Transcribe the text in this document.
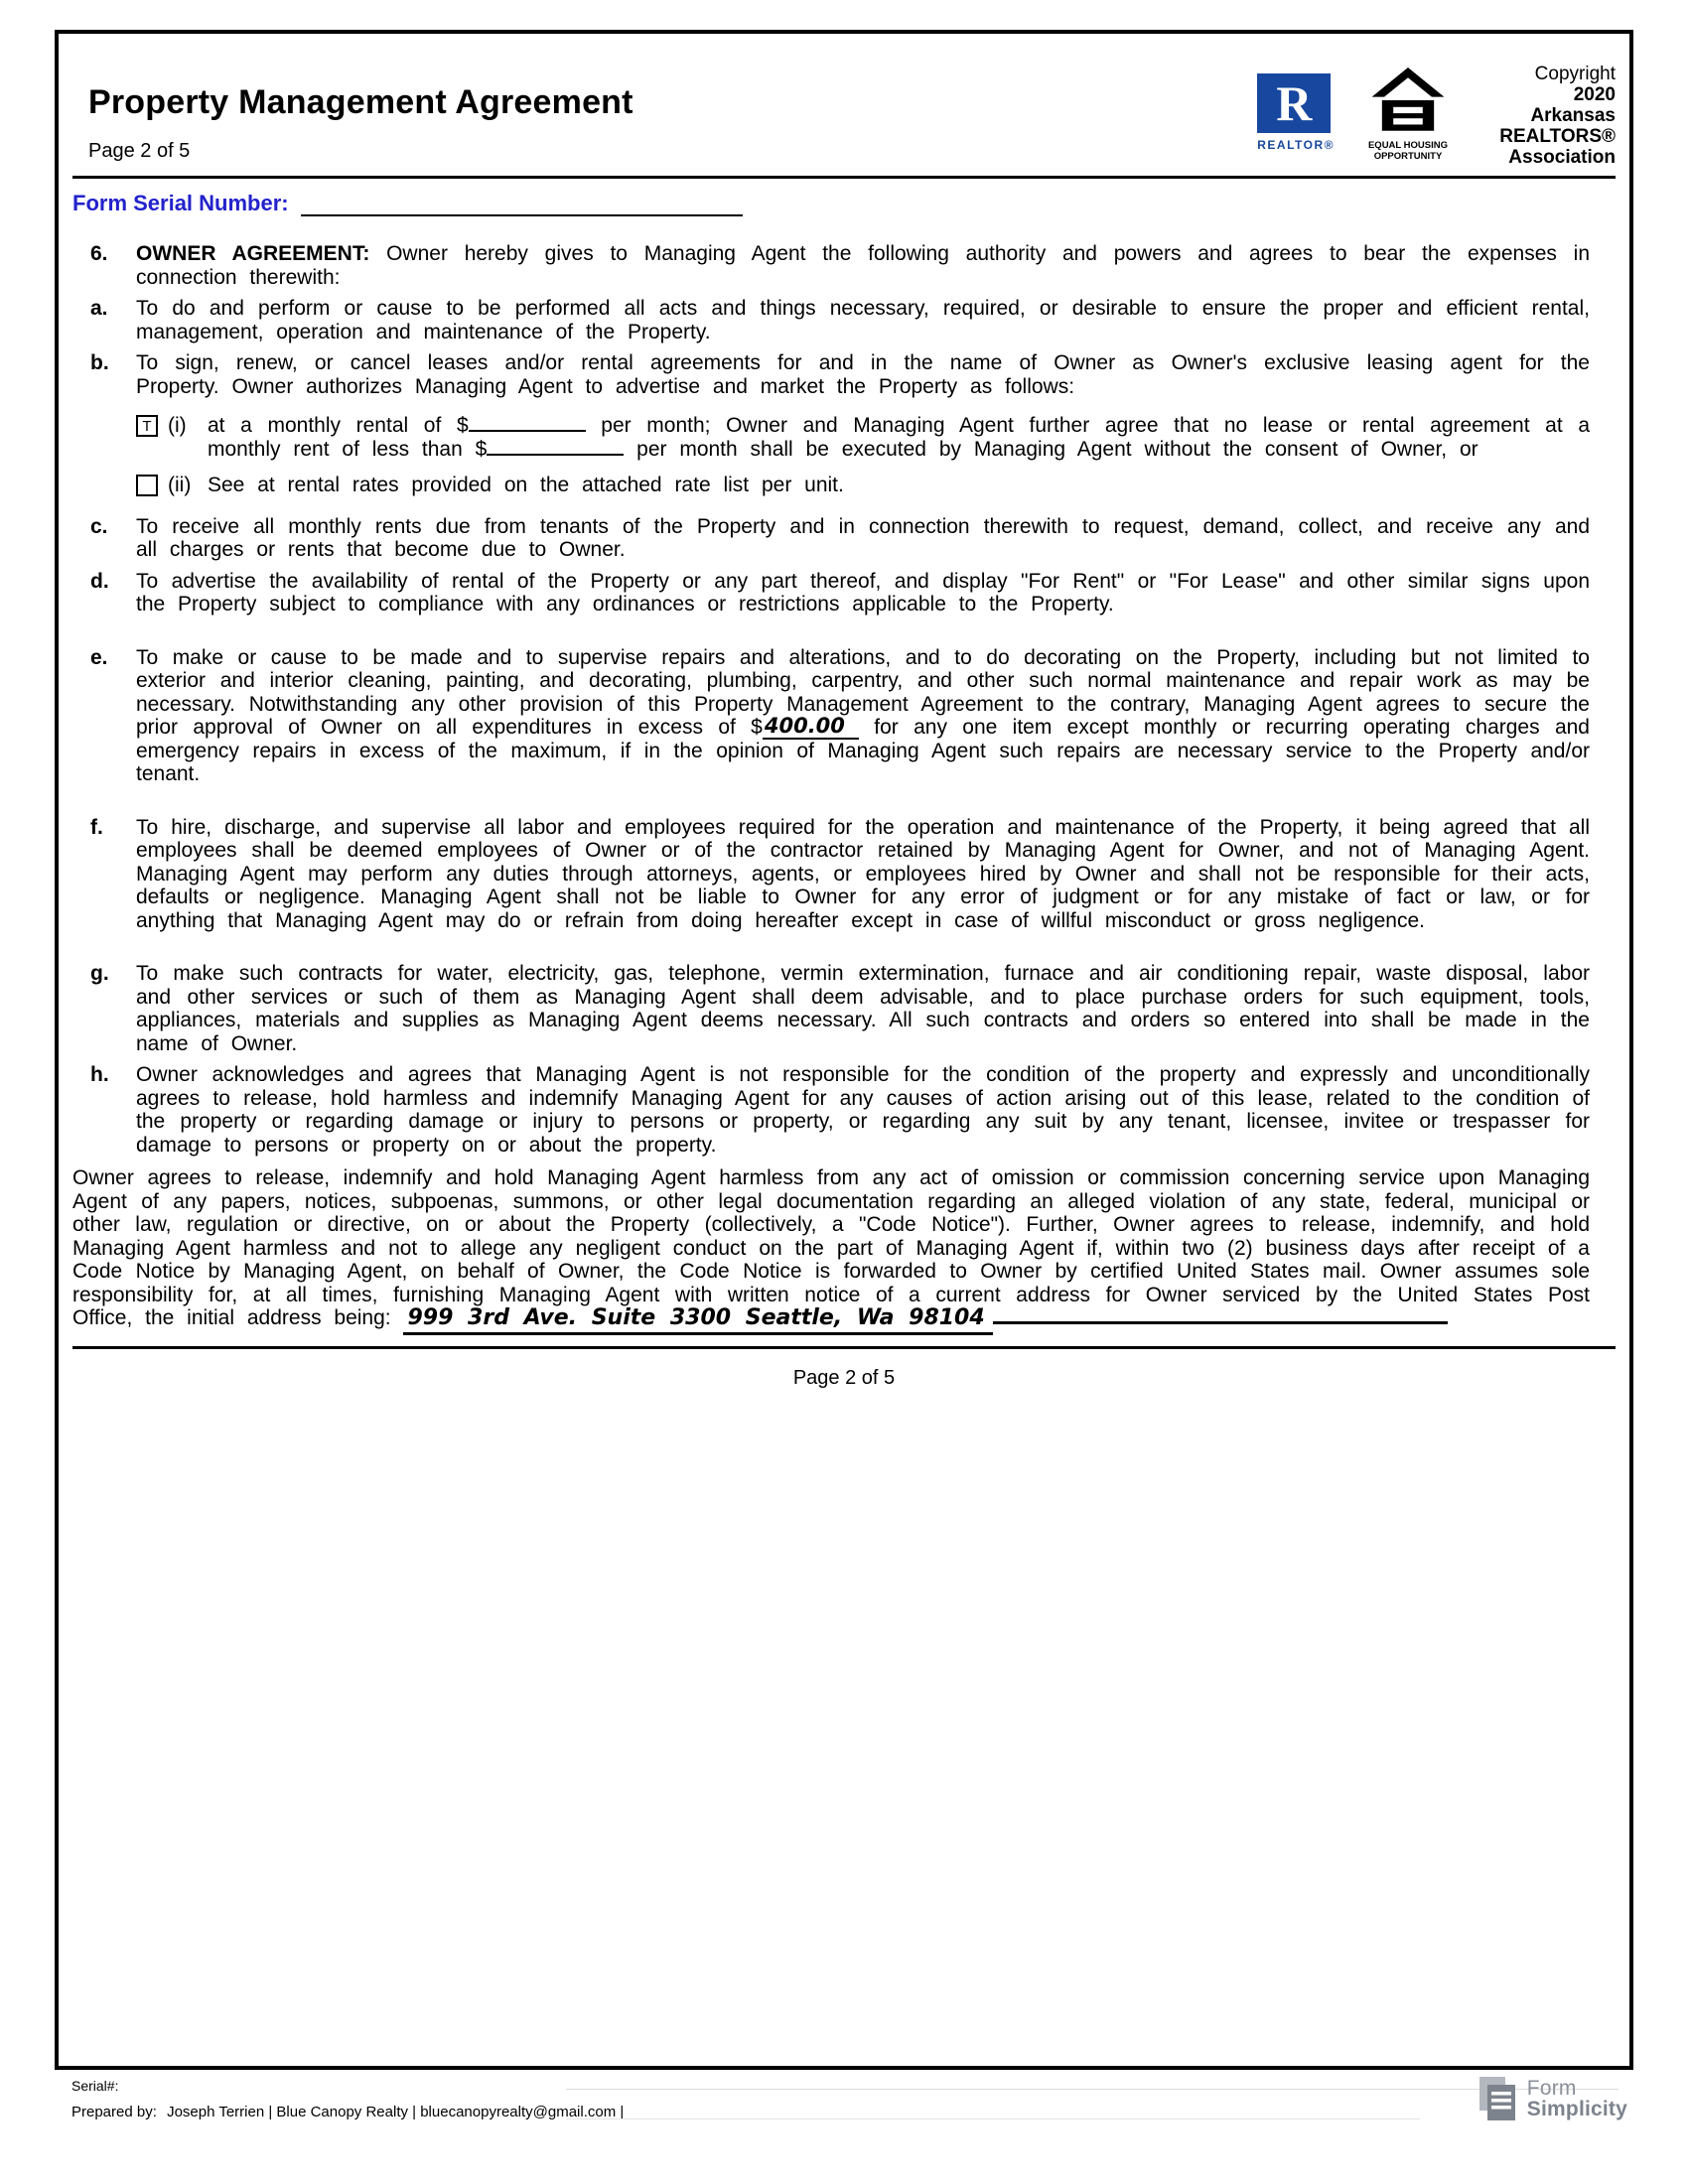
Property Management Agreement
Page 2 of 5
R
REALTOR®	EQUAL HOUSING
OPPORTUNITY
Copyright
2020
Arkansas
REALTORS®
Association
Form Serial Number:
6.	OWNER AGREEMENT: Owner hereby gives to Managing Agent the following authority and powers and agrees to bear the expenses in connection therewith:

a.	To do and perform or cause to be performed all acts and things necessary, required, or desirable to ensure the proper and efficient rental, management, operation and maintenance of the Property.

b.	To sign, renew, or cancel leases and/or rental agreements for and in the name of Owner as Owner's exclusive leasing agent for the Property. Owner authorizes Managing Agent to advertise and market the Property as follows:

T (i)	at a monthly rental of $	per month; Owner and Managing Agent further agree that no lease or rental agreement at a monthly rent of less than $	per month shall be executed by Managing Agent without the consent of Owner, or

(ii) See at rental rates provided on the attached rate list per unit.

c.	To receive all monthly rents due from tenants of the Property and in connection therewith to request, demand, collect, and receive any and all charges or rents that become due to Owner.

d.	To advertise the availability of rental of the Property or any part thereof, and display "For Rent" or "For Lease" and other similar signs upon the Property subject to compliance with any ordinances or restrictions applicable to the Property.

e.	To make or cause to be made and to supervise repairs and alterations, and to do decorating on the Property, including but not limited to exterior and interior cleaning, painting, and decorating, plumbing, carpentry, and other such normal maintenance and repair work as may be necessary. Notwithstanding any other provision of this Property Management Agreement to the contrary, Managing Agent agrees to secure the prior approval of Owner on all expenditures in excess of $400.00 for any one item except monthly or recurring operating charges and emergency repairs in excess of the maximum, if in the opinion of Managing Agent such repairs are necessary service to the Property and/or tenant.

f.	To hire, discharge, and supervise all labor and employees required for the operation and maintenance of the Property, it being agreed that all employees shall be deemed employees of Owner or of the contractor retained by Managing Agent for Owner, and not of Managing Agent. Managing Agent may perform any duties through attorneys, agents, or employees hired by Owner and shall not be responsible for their acts, defaults or negligence. Managing Agent shall not be liable to Owner for any error of judgment or for any mistake of fact or law, or for anything that Managing Agent may do or refrain from doing hereafter except in case of willful misconduct or gross negligence.

g.	To make such contracts for water, electricity, gas, telephone, vermin extermination, furnace and air conditioning repair, waste disposal, labor and other services or such of them as Managing Agent shall deem advisable, and to place purchase orders for such equipment, tools, appliances, materials and supplies as Managing Agent deems necessary. All such contracts and orders so entered into shall be made in the name of Owner.

h.	Owner acknowledges and agrees that Managing Agent is not responsible for the condition of the property and expressly and unconditionally agrees to release, hold harmless and indemnify Managing Agent for any causes of action arising out of this lease, related to the condition of the property or regarding damage or injury to persons or property, or regarding any suit by any tenant, licensee, invitee or trespasser for damage to persons or property on or about the property.

Owner agrees to release, indemnify and hold Managing Agent harmless from any act of omission or commission concerning service upon Managing Agent of any papers, notices, subpoenas, summons, or other legal documentation regarding an alleged violation of any state, federal, municipal or other law, regulation or directive, on or about the Property (collectively, a "Code Notice"). Further, Owner agrees to release, indemnify, and hold Managing Agent harmless and not to allege any negligent conduct on the part of Managing Agent if, within two (2) business days after receipt of a Code Notice by Managing Agent, on behalf of Owner, the Code Notice is forwarded to Owner by certified United States mail. Owner assumes sole responsibility for, at all times, furnishing Managing Agent with written notice of a current address for Owner serviced by the United States Post Office, the initial address being: 999 3rd Ave. Suite 3300 Seattle, Wa 98104

Page 2 of 5
Serial#:
Prepared by: Joseph Terrien | Blue Canopy Realty | bluecanopyrealty@gmail.com |
Form
Simplicity
